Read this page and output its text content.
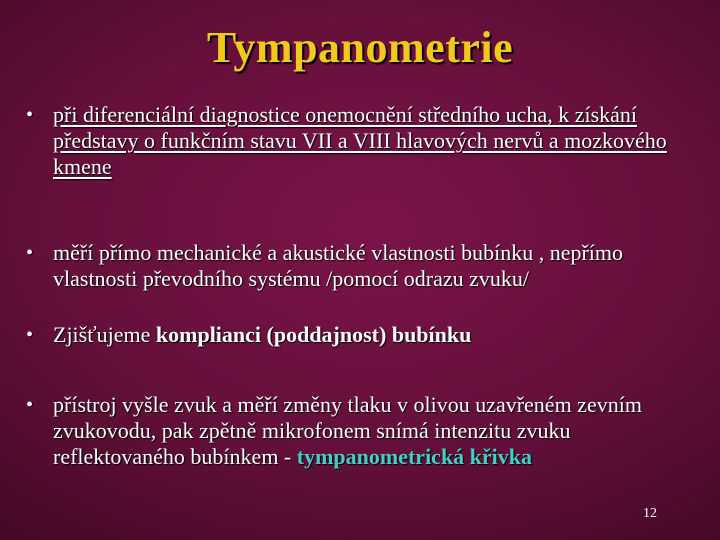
Tympanometrie
• při diferenciální diagnostice onemocnění středního ucha, k získání představy o funkčním stavu VII a VIII hlavových nervů a mozkového kmene
• měří přímo mechanické a akustické vlastnosti bubínku , nepřímo vlastnosti převodního systému /pomocí odrazu zvuku/
• Zjišťujeme komplianci (poddajnost) bubínku
• přístroj vyšle zvuk a měří změny tlaku v olivou uzavřeném zevním zvukovodu, pak zpětně mikrofonem snímá intenzitu zvuku reflektovaného bubínkem - tympanometrická křivka
12
